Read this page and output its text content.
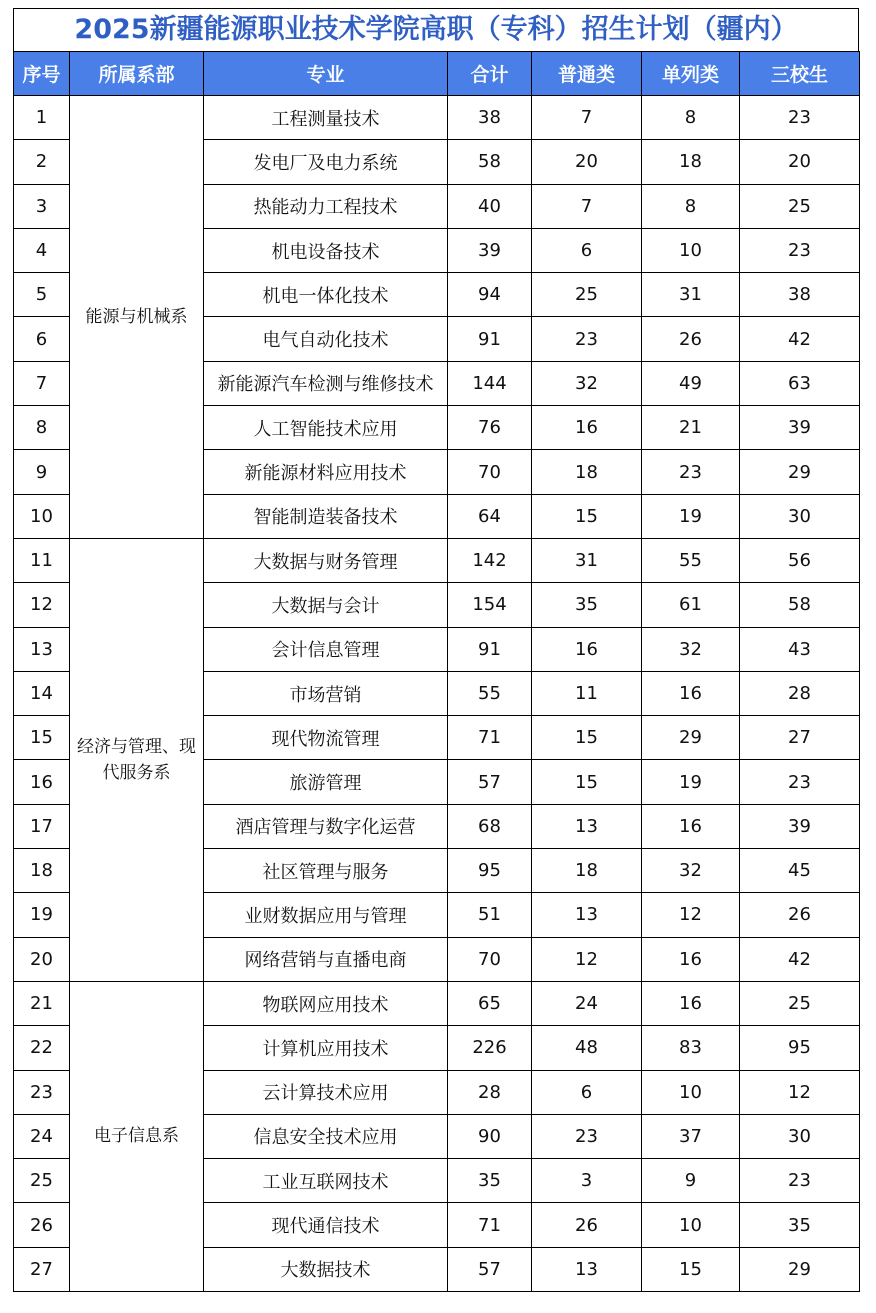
2025新疆能源职业技术学院高职（专科）招生计划（疆内）
序号	所属系部	专业	合计	普通类	单列类	三校生
1	能源与机械系	工程测量技术	38	7	8	23
2		发电厂及电力系统	58	20	18	20
3		热能动力工程技术	40	7	8	25
4		机电设备技术	39	6	10	23
5		机电一体化技术	94	25	31	38
6		电气自动化技术	91	23	26	42
7		新能源汽车检测与维修技术	144	32	49	63
8		人工智能技术应用	76	16	21	39
9		新能源材料应用技术	70	18	23	29
10		智能制造装备技术	64	15	19	30
11	经济与管理、现代服务系	大数据与财务管理	142	31	55	56
12		大数据与会计	154	35	61	58
13		会计信息管理	91	16	32	43
14		市场营销	55	11	16	28
15		现代物流管理	71	15	29	27
16		旅游管理	57	15	19	23
17		酒店管理与数字化运营	68	13	16	39
18		社区管理与服务	95	18	32	45
19		业财数据应用与管理	51	13	12	26
20		网络营销与直播电商	70	12	16	42
21	电子信息系	物联网应用技术	65	24	16	25
22		计算机应用技术	226	48	83	95
23		云计算技术应用	28	6	10	12
24		信息安全技术应用	90	23	37	30
25		工业互联网技术	35	3	9	23
26		现代通信技术	71	26	10	35
27		大数据技术	57	13	15	29
